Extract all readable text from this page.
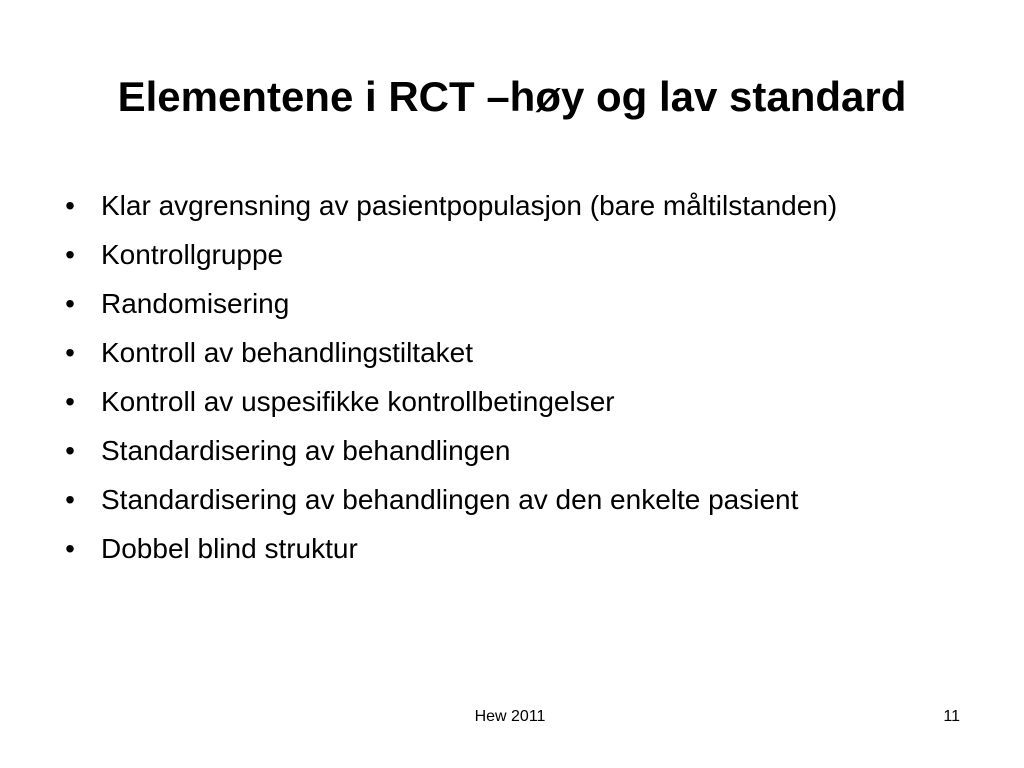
Elementene i RCT –høy og lav standard
• Klar avgrensning av pasientpopulasjon (bare måltilstanden)
• Kontrollgruppe
• Randomisering
• Kontroll av behandlingstiltaket
• Kontroll av uspesifikke kontrollbetingelser
• Standardisering av behandlingen
• Standardisering av behandlingen av den enkelte pasient
• Dobbel blind struktur
Hew 2011	11
